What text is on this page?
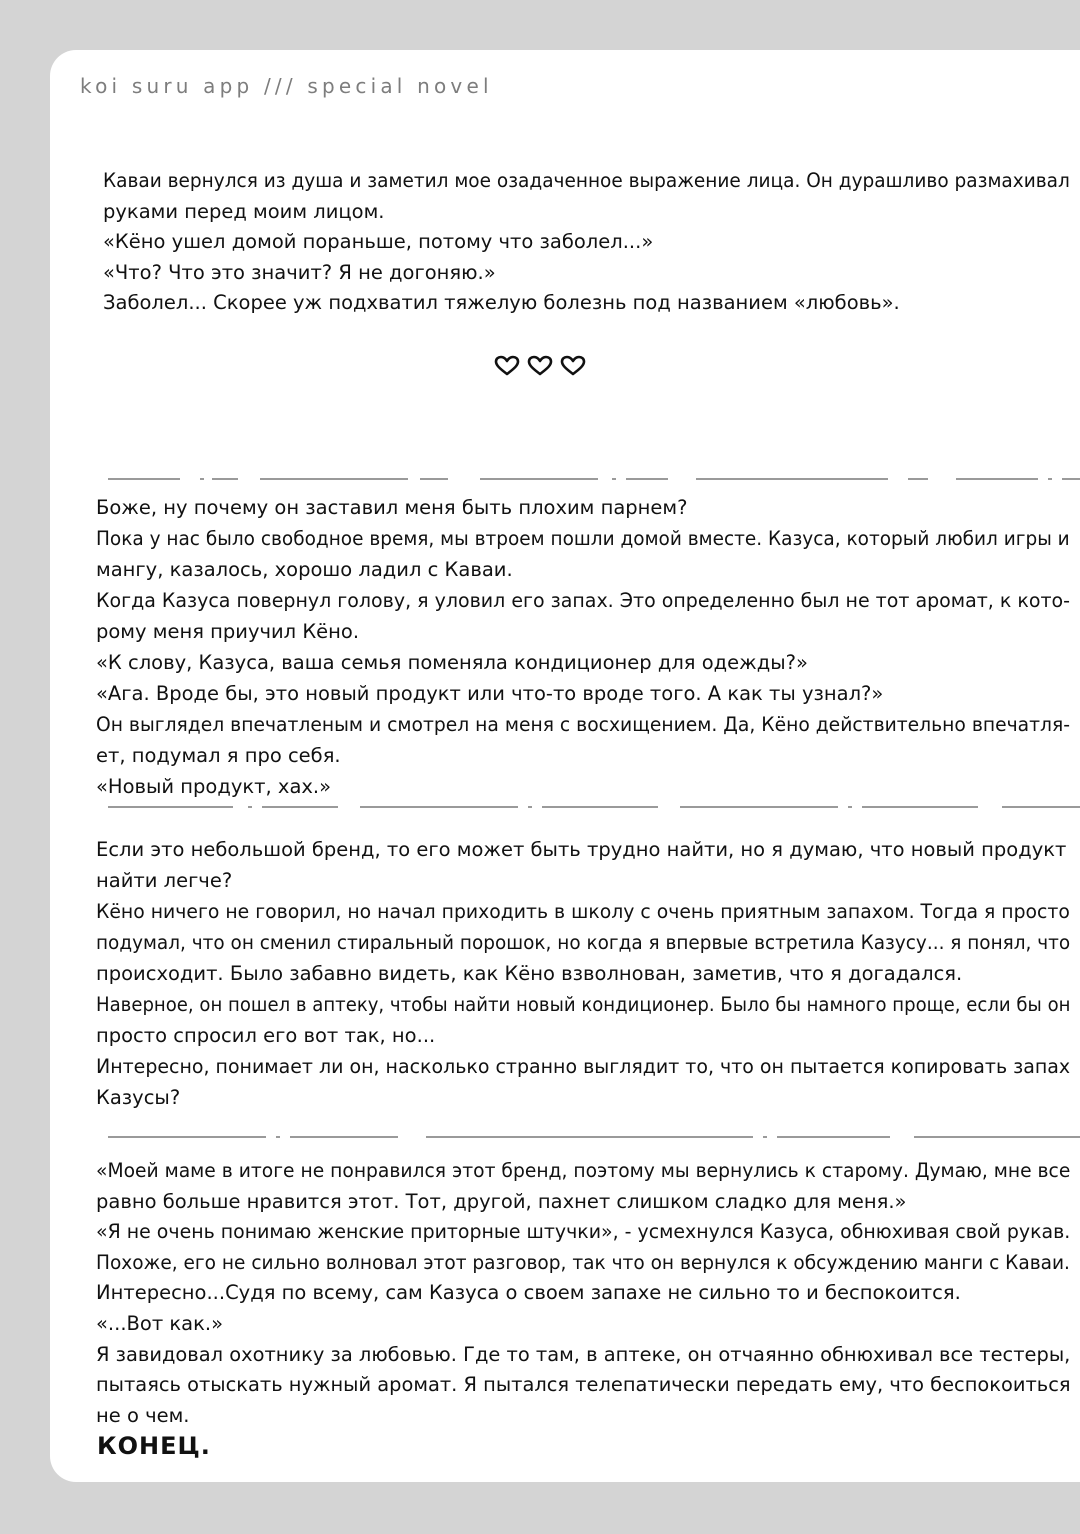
koi suru app /// special novel
Каваи вернулся из душа и заметил мое озадаченное выражение лица. Он дурашливо размахивал
руками перед моим лицом.
«Кёно ушел домой пораньше, потому что заболел...»
«Что? Что это значит? Я не догоняю.»
Заболел... Скорее уж подхватил тяжелую болезнь под названием «любовь».
Боже, ну почему он заставил меня быть плохим парнем?
Пока у нас было свободное время, мы втроем пошли домой вместе. Казуса, который любил игры и
мангу, казалось, хорошо ладил с Каваи.
Когда Казуса повернул голову, я уловил его запах. Это определенно был не тот аромат, к кото-
рому меня приучил Кёно.
«К слову, Казуса, ваша семья поменяла кондиционер для одежды?»
«Ага. Вроде бы, это новый продукт или что-то вроде того. А как ты узнал?»
Он выглядел впечатленым и смотрел на меня с восхищением. Да, Кёно действительно впечатля-
ет, подумал я про себя.
«Новый продукт, хах.»
Если это небольшой бренд, то его может быть трудно найти, но я думаю, что новый продукт
найти легче?
Кёно ничего не говорил, но начал приходить в школу с очень приятным запахом. Тогда я просто подумал, что он сменил стиральный порошок, но когда я впервые встретила Казусу... я понял, что
происходит. Было забавно видеть, как Кёно взволнован, заметив, что я догадался.
Наверное, он пошел в аптеку, чтобы найти новый кондиционер. Было бы намного проще, если бы он
просто спросил его вот так, но...
Интересно, понимает ли он, насколько странно выглядит то, что он пытается копировать запах
Казусы?
«Моей маме в итоге не понравился этот бренд, поэтому мы вернулись к старому. Думаю, мне все
равно больше нравится этот. Тот, другой, пахнет слишком сладко для меня.»
«Я не очень понимаю женские приторные штучки», - усмехнулся Казуса, обнюхивая свой рукав. Похоже, его не сильно волновал этот разговор, так что он вернулся к обсуждению манги с Каваи.
Интересно...Судя по всему, сам Казуса о своем запахе не сильно то и беспокоится.
«...Вот как.»
Я завидовал охотнику за любовью. Где то там, в аптеке, он отчаянно обнюхивал все тестеры, пытаясь отыскать нужный аромат. Я пытался телепатически передать ему, что беспокоиться
не о чем.
КОНЕЦ.
